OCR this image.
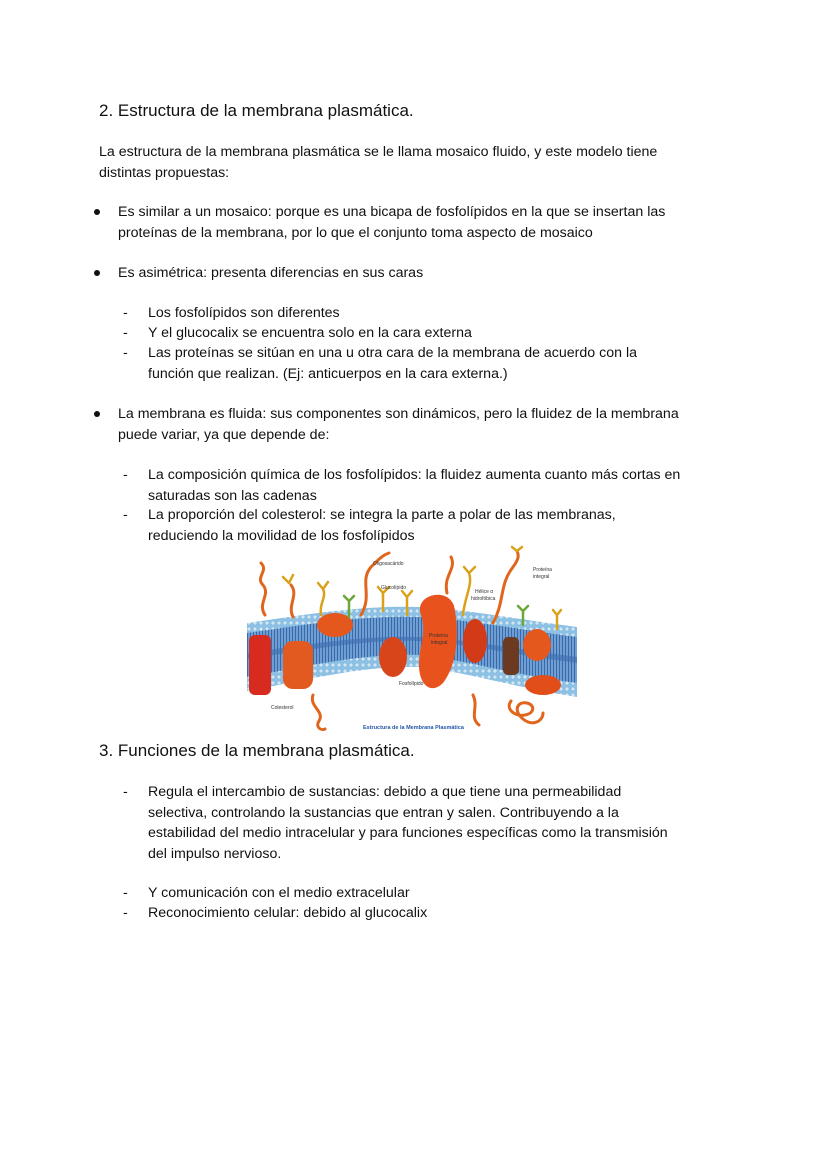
2. Estructura de la membrana plasmática.

La estructura de la membrana plasmática se le llama mosaico fluido, y este modelo tiene
distintas propuestas:

Es similar a un mosaico: porque es una bicapa de fosfolípidos en la que se insertan las
proteínas de la membrana, por lo que el conjunto toma aspecto de mosaico
Es asimétrica: presenta diferencias en sus caras
- Los fosfolípidos son diferentes
- Y el glucocalix se encuentra solo en la cara externa
- Las proteínas se sitúan en una u otra cara de la membrana de acuerdo con la
función que realizan. (Ej: anticuerpos en la cara externa.)
La membrana es fluida: sus componentes son dinámicos, pero la fluidez de la membrana
puede variar, ya que depende de:
- La composición química de los fosfolípidos: la fluidez aumenta cuanto más cortas en
saturadas son las cadenas
- La proporción del colesterol: se integra la parte a polar de las membranas,
reduciendo la movilidad de los fosfolípidos
Oligosacárido
Glucolípido
Proteína
integral
Hélice α
hidrofóbica
Proteína
integral
Fosfolípido
Colesterol
Estructura de la Membrana Plasmática
3. Funciones de la membrana plasmática.
- Regula el intercambio de sustancias: debido a que tiene una permeabilidad
selectiva, controlando la sustancias que entran y salen. Contribuyendo a la
estabilidad del medio intracelular y para funciones específicas como la transmisión
del impulso nervioso.
- Y comunicación con el medio extracelular
- Reconocimiento celular: debido al glucocalix
